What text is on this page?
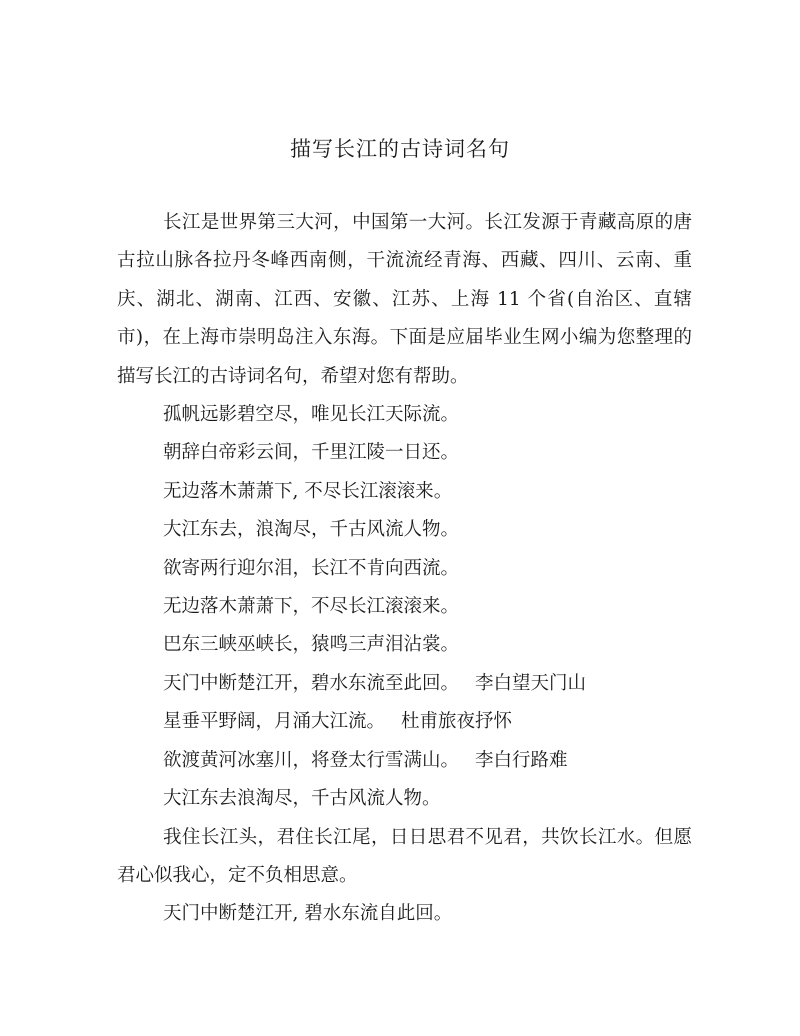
描写长江的古诗词名句

长江是世界第三大河，中国第一大河。长江发源于青藏高原的唐古拉山脉各拉丹冬峰西南侧，干流流经青海、西藏、四川、云南、重庆、湖北、湖南、江西、安徽、江苏、上海 11 个省(自治区、直辖市)，在上海市崇明岛注入东海。下面是应届毕业生网小编为您整理的描写长江的古诗词名句，希望对您有帮助。

孤帆远影碧空尽，唯见长江天际流。

朝辞白帝彩云间，千里江陵一日还。

无边落木萧萧下, 不尽长江滚滚来。

大江东去，浪淘尽，千古风流人物。

欲寄两行迎尔泪，长江不肯向西流。

无边落木萧萧下，不尽长江滚滚来。

巴东三峡巫峡长，猿鸣三声泪沾裳。

天门中断楚江开，碧水东流至此回。 李白望天门山

星垂平野阔，月涌大江流。 杜甫旅夜抒怀

欲渡黄河冰塞川，将登太行雪满山。 李白行路难

大江东去浪淘尽，千古风流人物。

我住长江头，君住长江尾，日日思君不见君，共饮长江水。但愿君心似我心，定不负相思意。

天门中断楚江开, 碧水东流自此回。
